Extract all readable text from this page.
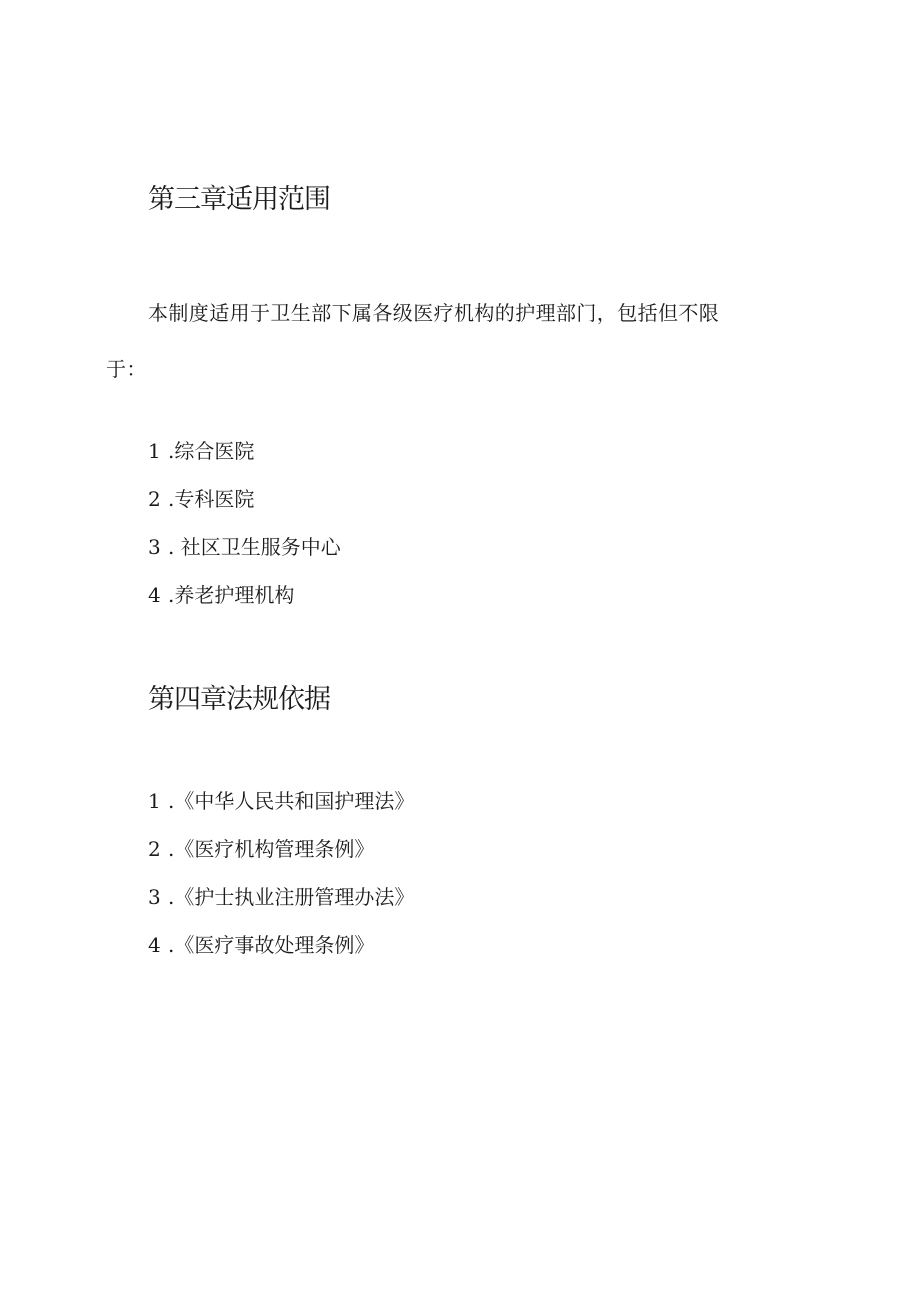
第三章适用范围

本制度适用于卫生部下属各级医疗机构的护理部门，包括但不限于：

1 .综合医院
2 .专科医院
3 . 社区卫生服务中心
4 .养老护理机构
第四章法规依据
1 .《中华人民共和国护理法》
2 .《医疗机构管理条例》
3 .《护士执业注册管理办法》
4 .《医疗事故处理条例》
